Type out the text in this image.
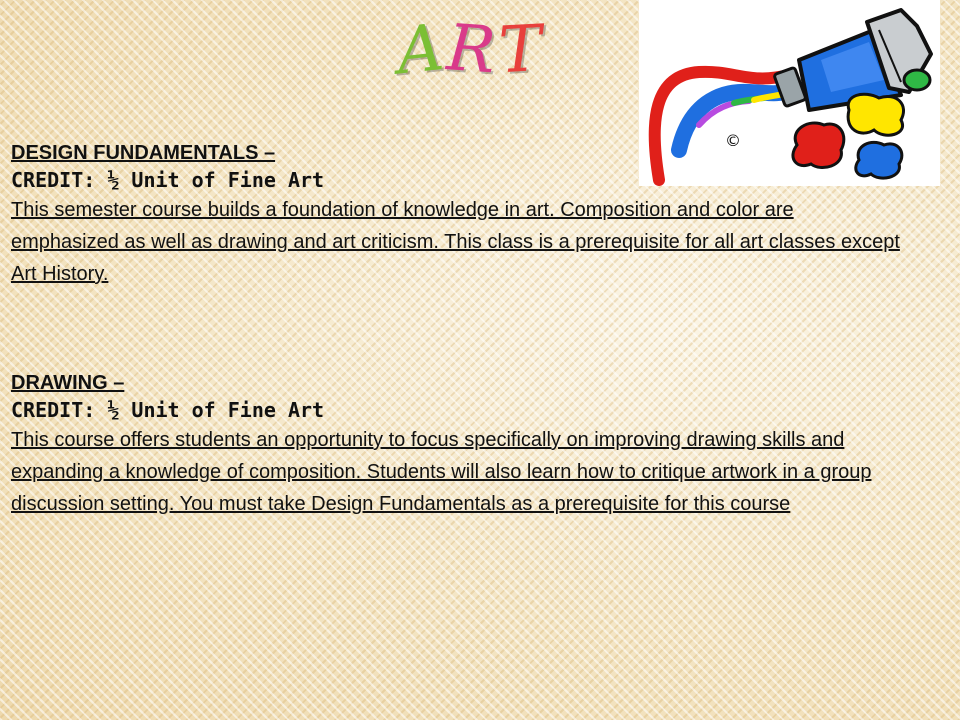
ART
©

DESIGN FUNDAMENTALS –

CREDIT: ½ Unit of Fine Art

This semester course builds a foundation of knowledge in art. Composition and color are emphasized as well as drawing and art criticism. This class is a prerequisite for all art classes except Art History.

DRAWING –

CREDIT: ½ Unit of Fine Art

This course offers students an opportunity to focus specifically on improving drawing skills and expanding a knowledge of composition. Students will also learn how to critique artwork in a group discussion setting. You must take Design Fundamentals as a prerequisite for this course
